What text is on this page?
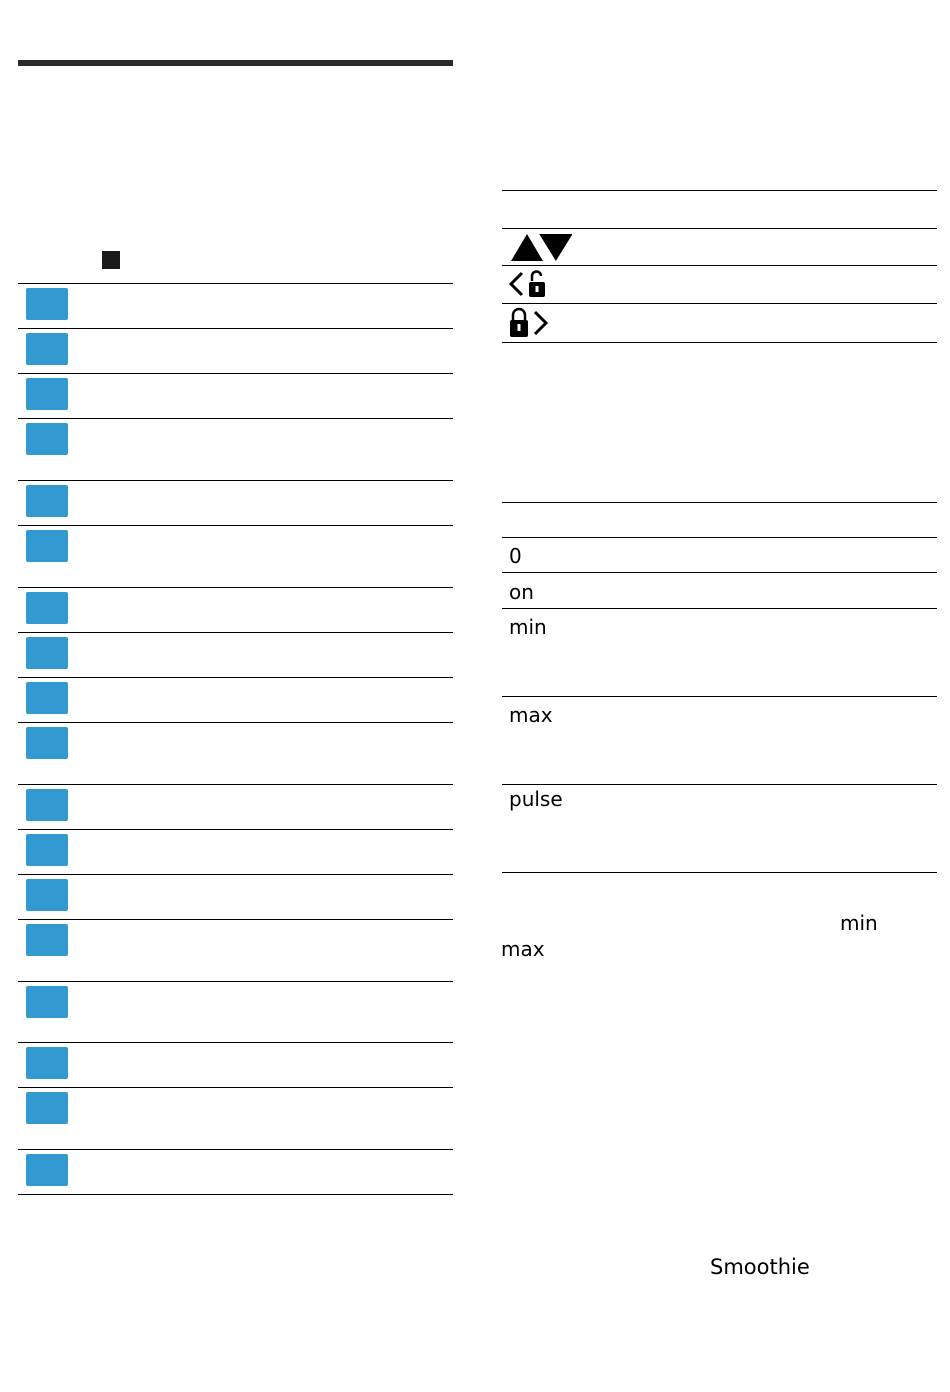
0
on
min
max
pulse
min
max
Smoothie
